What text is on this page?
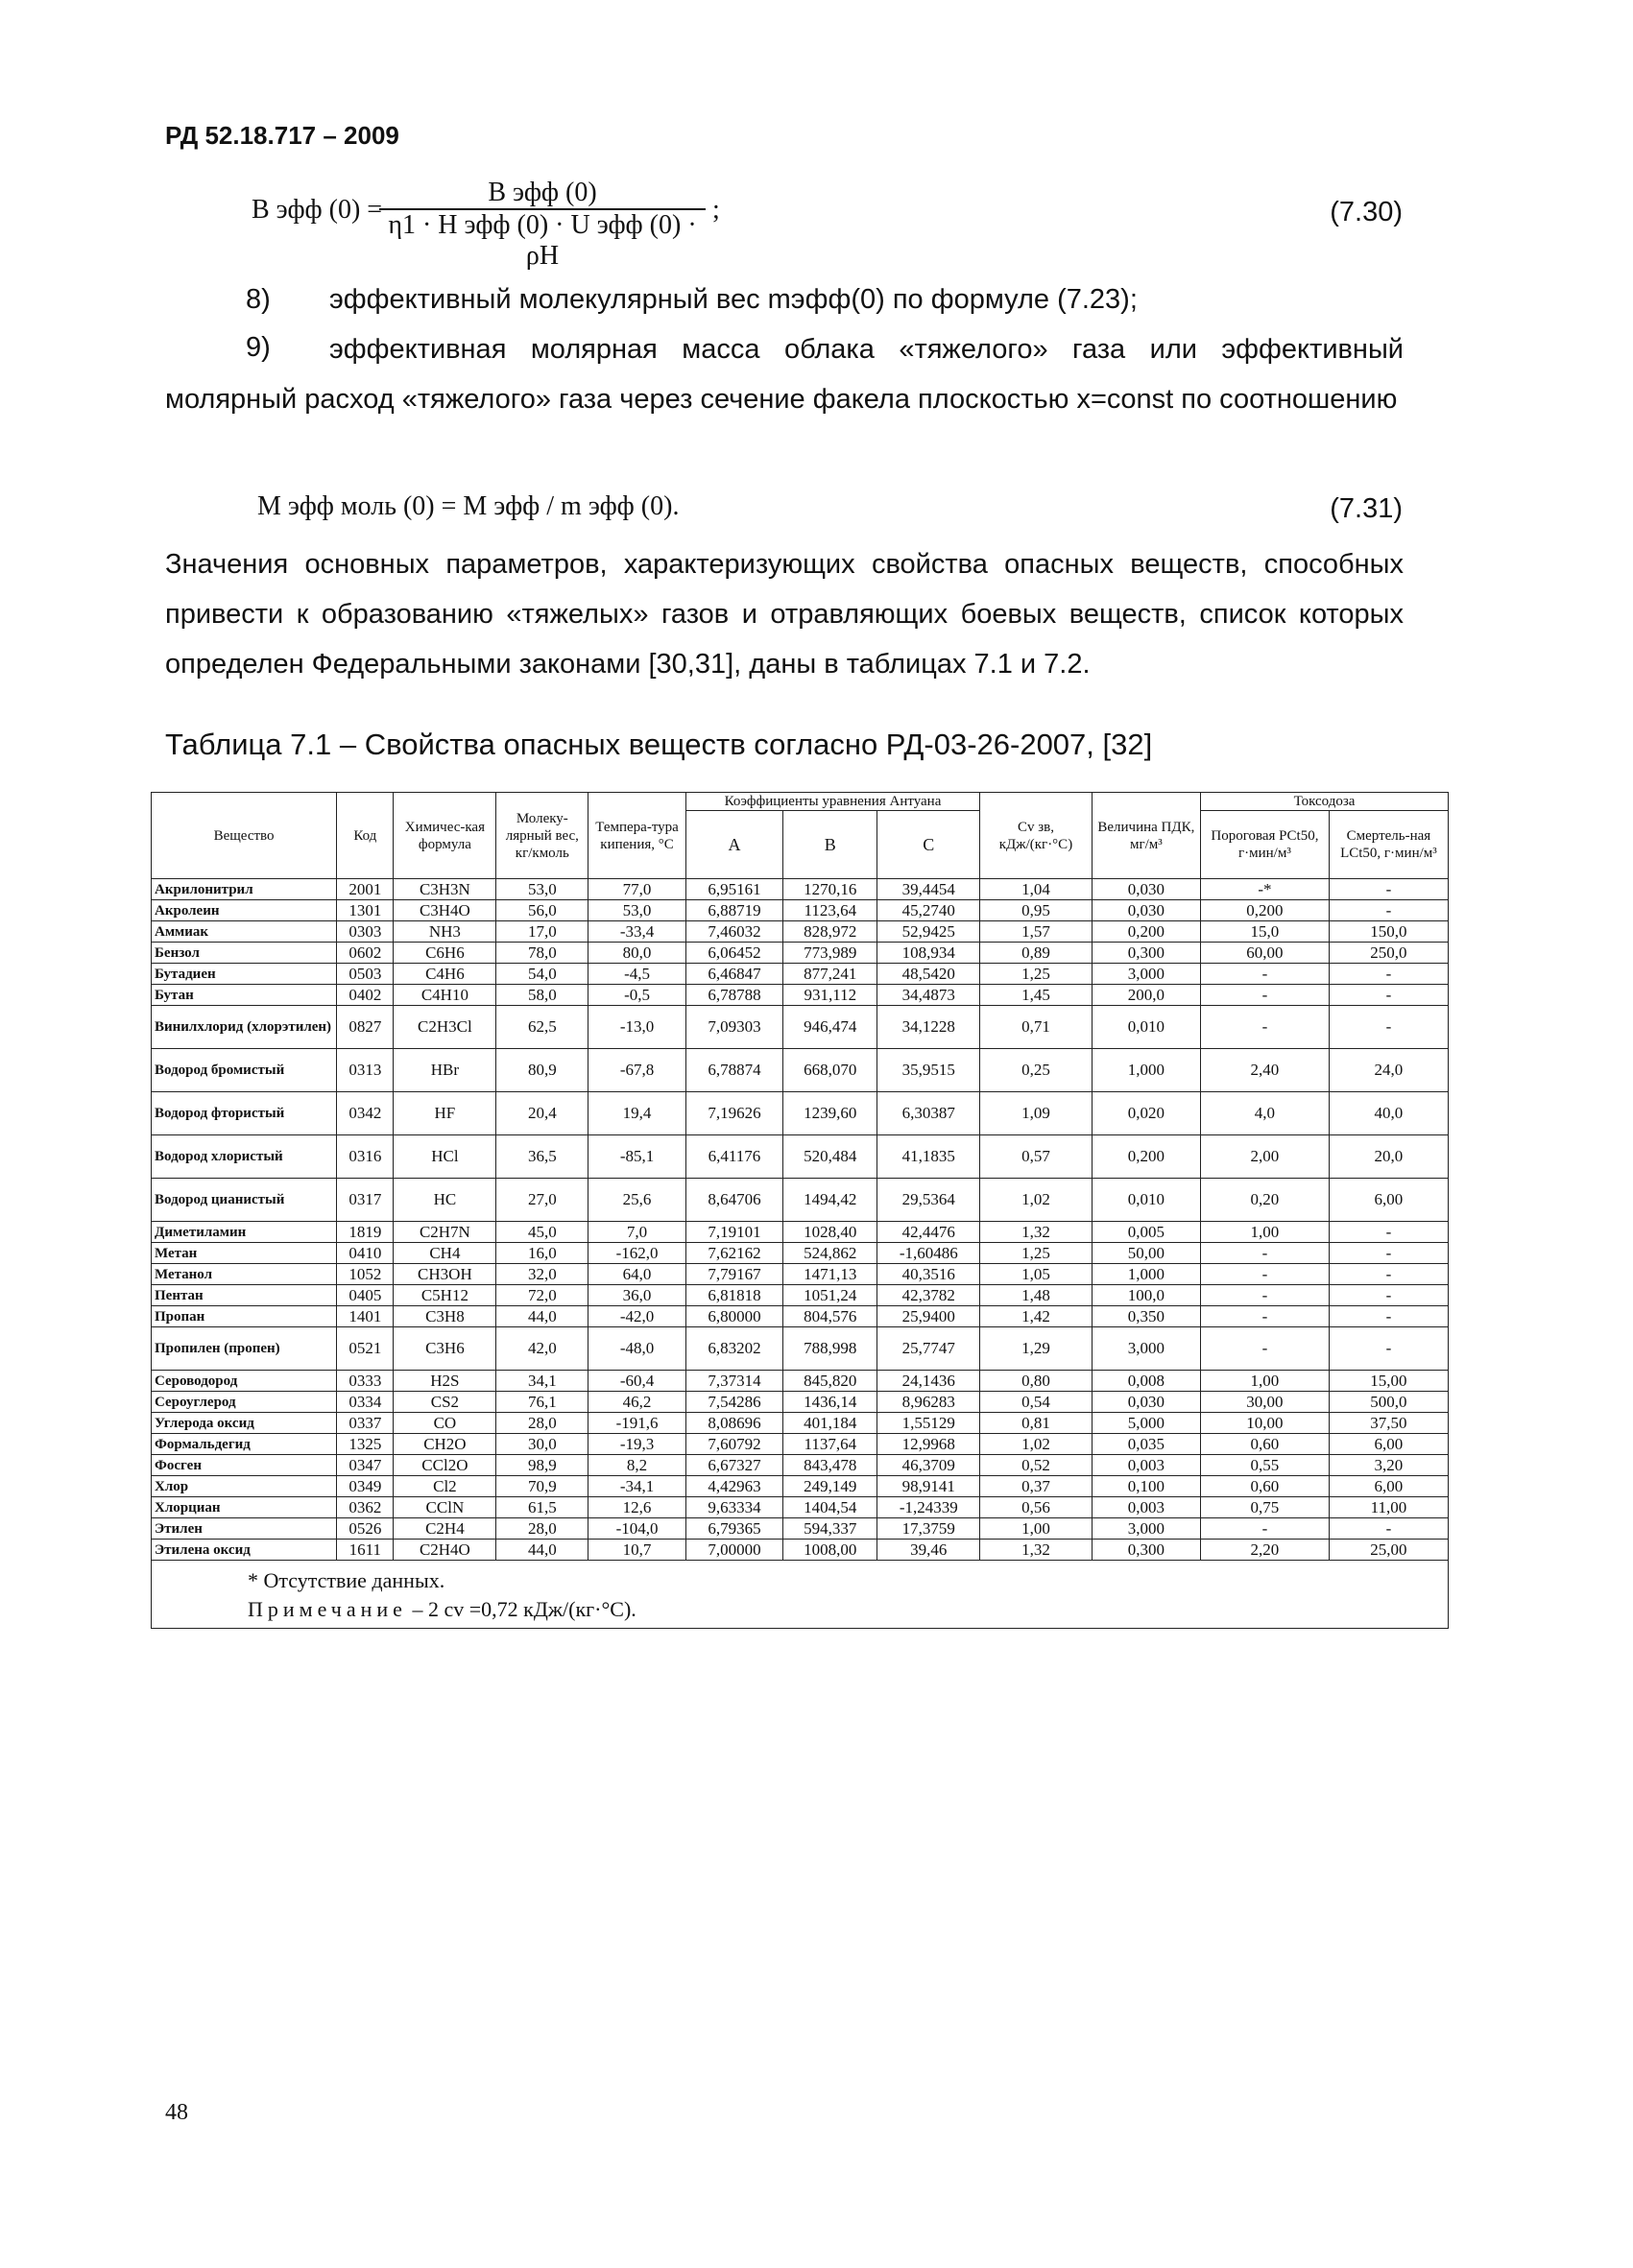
РД 52.18.717 – 2009
B эфф (0) =
B эфф (0)
η1 · H эфф (0) · U эфф (0) · ρH
;	(7.30)
8) эффективный молекулярный вес mэфф(0) по формуле (7.23);
9)	эффективная молярная масса облака «тяжелого» газа или эффективный молярный расход «тяжелого» газа через сечение факела плоскостью x=const по соотношению
M эфф моль (0) = M эфф / m эфф (0).	(7.31)
Значения основных параметров, характеризующих свойства опасных веществ, способных привести к образованию «тяжелых» газов и отравляющих боевых веществ, список которых определен Федеральными законами [30,31], даны в таблицах 7.1 и 7.2.
Таблица 7.1 – Свойства опасных веществ согласно РД-03-26-2007, [32]
Вещество	Код	Химичес-кая формула	Молеку-лярный вес, кг/кмоль	Темпера-тура кипения, °С	Коэффициенты уравнения Антуана			Cv зв, кДж/(кг·°С)	Величина ПДК, мг/м³	Токсодоза	
					A	B	C			Пороговая PCt50, г·мин/м³	Смертель-ная LCt50, г·мин/м³
Акрилонитрил	2001	C3H3N	53,0	77,0	6,95161	1270,16	39,4454	1,04	0,030	-*	-
Акролеин	1301	C3H4O	56,0	53,0	6,88719	1123,64	45,2740	0,95	0,030	0,200	-
Аммиак	0303	NH3	17,0	-33,4	7,46032	828,972	52,9425	1,57	0,200	15,0	150,0
Бензол	0602	C6H6	78,0	80,0	6,06452	773,989	108,934	0,89	0,300	60,00	250,0
Бутадиен	0503	C4H6	54,0	-4,5	6,46847	877,241	48,5420	1,25	3,000	-	-
Бутан	0402	C4H10	58,0	-0,5	6,78788	931,112	34,4873	1,45	200,0	-	-
Винилхлорид (хлорэтилен)	0827	C2H3Cl	62,5	-13,0	7,09303	946,474	34,1228	0,71	0,010	-	-
Водород бромистый	0313	HBr	80,9	-67,8	6,78874	668,070	35,9515	0,25	1,000	2,40	24,0
Водород фтористый	0342	HF	20,4	19,4	7,19626	1239,60	6,30387	1,09	0,020	4,0	40,0
Водород хлористый	0316	HCl	36,5	-85,1	6,41176	520,484	41,1835	0,57	0,200	2,00	20,0
Водород цианистый	0317	HC	27,0	25,6	8,64706	1494,42	29,5364	1,02	0,010	0,20	6,00
Диметиламин	1819	C2H7N	45,0	7,0	7,19101	1028,40	42,4476	1,32	0,005	1,00	-
Метан	0410	CH4	16,0	-162,0	7,62162	524,862	-1,60486	1,25	50,00	-	-
Метанол	1052	CH3OH	32,0	64,0	7,79167	1471,13	40,3516	1,05	1,000	-	-
Пентан	0405	C5H12	72,0	36,0	6,81818	1051,24	42,3782	1,48	100,0	-	-
Пропан	1401	C3H8	44,0	-42,0	6,80000	804,576	25,9400	1,42	0,350	-	-
Пропилен (пропен)	0521	C3H6	42,0	-48,0	6,83202	788,998	25,7747	1,29	3,000	-	-
Сероводород	0333	H2S	34,1	-60,4	7,37314	845,820	24,1436	0,80	0,008	1,00	15,00
Сероуглерод	0334	CS2	76,1	46,2	7,54286	1436,14	8,96283	0,54	0,030	30,00	500,0
Углерода оксид	0337	CO	28,0	-191,6	8,08696	401,184	1,55129	0,81	5,000	10,00	37,50
Формальдегид	1325	CH2O	30,0	-19,3	7,60792	1137,64	12,9968	1,02	0,035	0,60	6,00
Фосген	0347	CCl2O	98,9	8,2	6,67327	843,478	46,3709	0,52	0,003	0,55	3,20
Хлор	0349	Cl2	70,9	-34,1	4,42963	249,149	98,9141	0,37	0,100	0,60	6,00
Хлорциан	0362	CClN	61,5	12,6	9,63334	1404,54	-1,24339	0,56	0,003	0,75	11,00
Этилен	0526	C2H4	28,0	-104,0	6,79365	594,337	17,3759	1,00	3,000	-	-
Этилена оксид	1611	C2H4O	44,0	10,7	7,00000	1008,00	39,46	1,32	0,300	2,20	25,00
* Отсутствие данных.
Примечание – 2 cv =0,72 кДж/(кг·°С).
48
